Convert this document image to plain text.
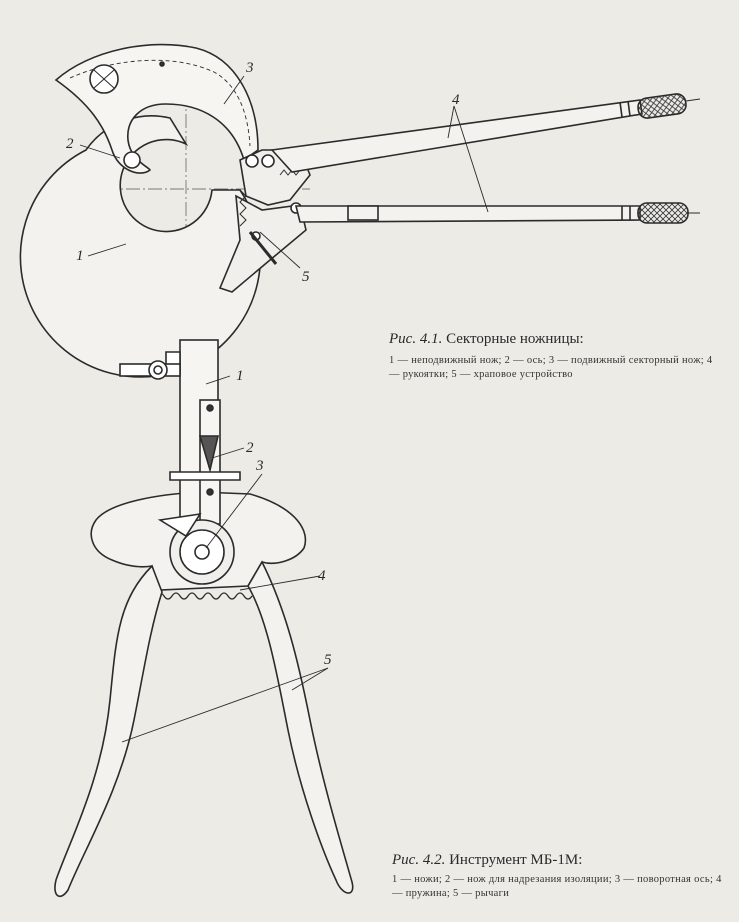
1
2
3
4
5
1
2
3
4
5
Рис. 4.1. Секторные ножницы:
1 — неподвижный нож; 2 — ось; 3 — подвижный секторный нож; 4 — рукоятки; 5 — храповое устройство
Рис. 4.2. Инструмент МБ-1М:
1 — ножи; 2 — нож для надрезания изоляции; 3 — поворотная ось; 4 — пружина; 5 — рычаги
